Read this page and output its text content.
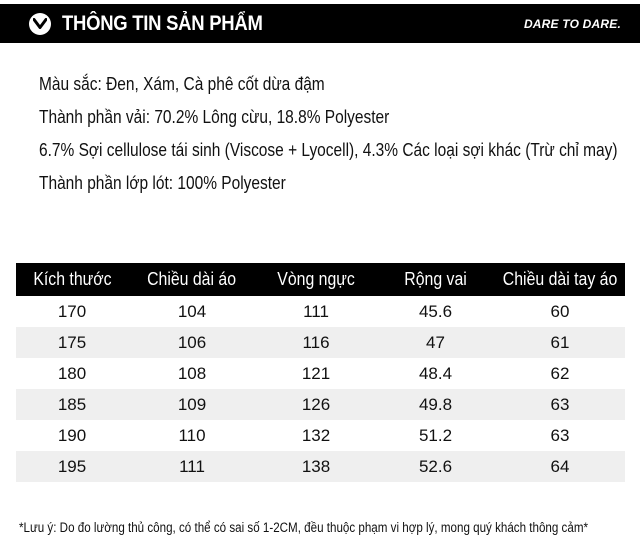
THÔNG TIN SẢN PHẨM	DARE TO DARE.
Màu sắc: Đen, Xám, Cà phê cốt dừa đậm
Thành phần vải: 70.2% Lông cừu, 18.8% Polyester
6.7% Sợi cellulose tái sinh (Viscose + Lyocell), 4.3% Các loại sợi khác (Trừ chỉ may)
Thành phần lớp lót: 100% Polyester
Kích thước	Chiều dài áo	Vòng ngực	Rộng vai	Chiều dài tay áo
170	104	111	45.6	60
175	106	116	47	61
180	108	121	48.4	62
185	109	126	49.8	63
190	110	132	51.2	63
195	111	138	52.6	64
*Lưu ý: Do đo lường thủ công, có thể có sai số 1-2CM, đều thuộc phạm vi hợp lý, mong quý khách thông cảm*
